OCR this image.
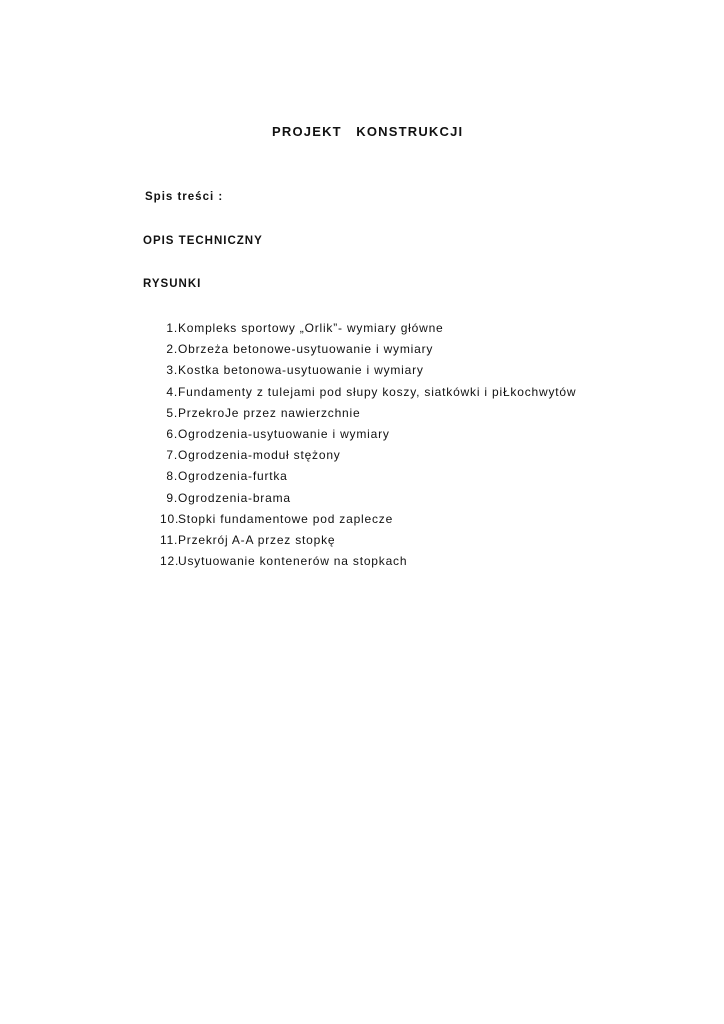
PROJEKT   KONSTRUKCJI
Spis treści :
OPIS TECHNICZNY
RYSUNKI
1.Kompleks sportowy „Orlik”- wymiary główne
2.Obrzeża betonowe-usytuowanie i wymiary
3.Kostka betonowa-usytuowanie i wymiary
4.Fundamenty z tulejami pod słupy koszy, siatkówki i piŁkochwytów
5.PrzekroJe przez nawierzchnie
6.Ogrodzenia-usytuowanie i wymiary
7.Ogrodzenia-moduł stężony
8.Ogrodzenia-furtka
9.Ogrodzenia-brama
10.Stopki fundamentowe pod zaplecze
11.Przekrój A-A przez stopkę
12.Usytuowanie kontenerów na stopkach
